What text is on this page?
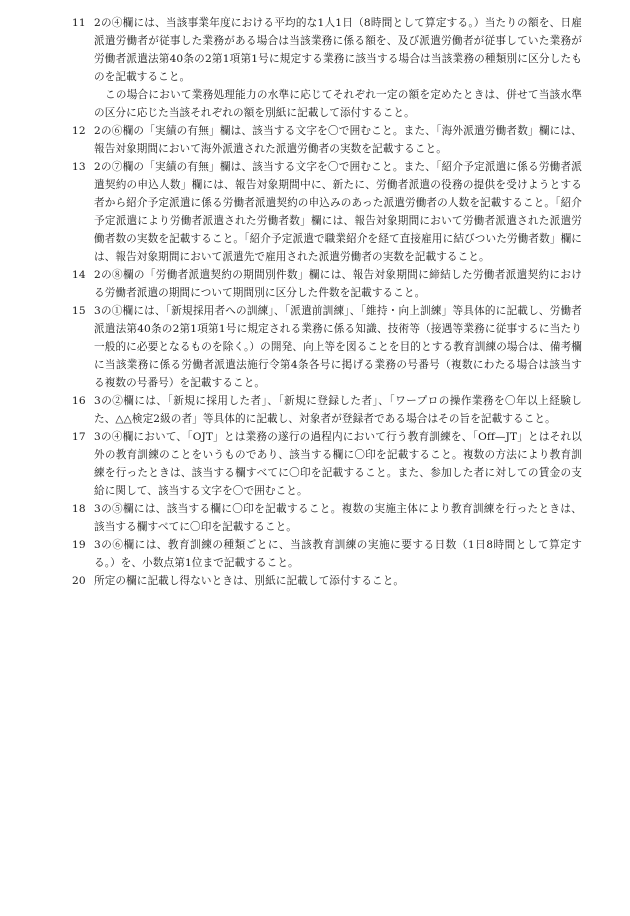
11 2の④欄には、当該事業年度における平均的な1人1日（8時間として算定する。）当たりの額を、日雇派遣労働者が従事した業務がある場合は当該業務に係る額を、及び派遣労働者が従事していた業務が労働者派遣法第40条の2第1項第1号に規定する業務に該当する場合は当該業務の種類別に区分したものを記載すること。

この場合において業務処理能力の水準に応じてそれぞれ一定の額を定めたときは、併せて当該水準の区分に応じた当該それぞれの額を別紙に記載して添付すること。

12 2の⑥欄の「実績の有無」欄は、該当する文字を〇で囲むこと。また、「海外派遣労働者数」欄には、報告対象期間において海外派遣された派遣労働者の実数を記載すること。

13 2の⑦欄の「実績の有無」欄は、該当する文字を〇で囲むこと。また、「紹介予定派遣に係る労働者派遣契約の申込人数」欄には、報告対象期間中に、新たに、労働者派遣の役務の提供を受けようとする者から紹介予定派遣に係る労働者派遣契約の申込みのあった派遣労働者の人数を記載すること。「紹介予定派遣により労働者派遣された労働者数」欄には、報告対象期間において労働者派遣された派遣労働者数の実数を記載すること。「紹介予定派遣で職業紹介を経て直接雇用に結びついた労働者数」欄には、報告対象期間において派遣先で雇用された派遣労働者の実数を記載すること。

14 2の⑧欄の「労働者派遣契約の期間別件数」欄には、報告対象期間に締結した労働者派遣契約における労働者派遣の期間について期間別に区分した件数を記載すること。

15 3の①欄には、「新規採用者への訓練」、「派遣前訓練」、「維持・向上訓練」等具体的に記載し、労働者派遣法第40条の2第1項第1号に規定される業務に係る知識、技術等（接遇等業務に従事するに当たり一般的に必要となるものを除く。）の開発、向上等を図ることを目的とする教育訓練の場合は、備考欄に当該業務に係る労働者派遣法施行令第4条各号に掲げる業務の号番号（複数にわたる場合は該当する複数の号番号）を記載すること。

16 3の②欄には、「新規に採用した者」、「新規に登録した者」、「ワープロの操作業務を〇年以上経験した、△△検定2級の者」等具体的に記載し、対象者が登録者である場合はその旨を記載すること。

17 3の④欄において、「OJT」とは業務の遂行の過程内において行う教育訓練を、「Off—JT」とはそれ以外の教育訓練のことをいうものであり、該当する欄に〇印を記載すること。複数の方法により教育訓練を行ったときは、該当する欄すべてに〇印を記載すること。また、参加した者に対しての賃金の支給に関して、該当する文字を〇で囲むこと。

18 3の⑤欄には、該当する欄に〇印を記載すること。複数の実施主体により教育訓練を行ったときは、該当する欄すべてに〇印を記載すること。

19 3の⑥欄には、教育訓練の種類ごとに、当該教育訓練の実施に要する日数（1日8時間として算定する。）を、小数点第1位まで記載すること。

20 所定の欄に記載し得ないときは、別紙に記載して添付すること。
